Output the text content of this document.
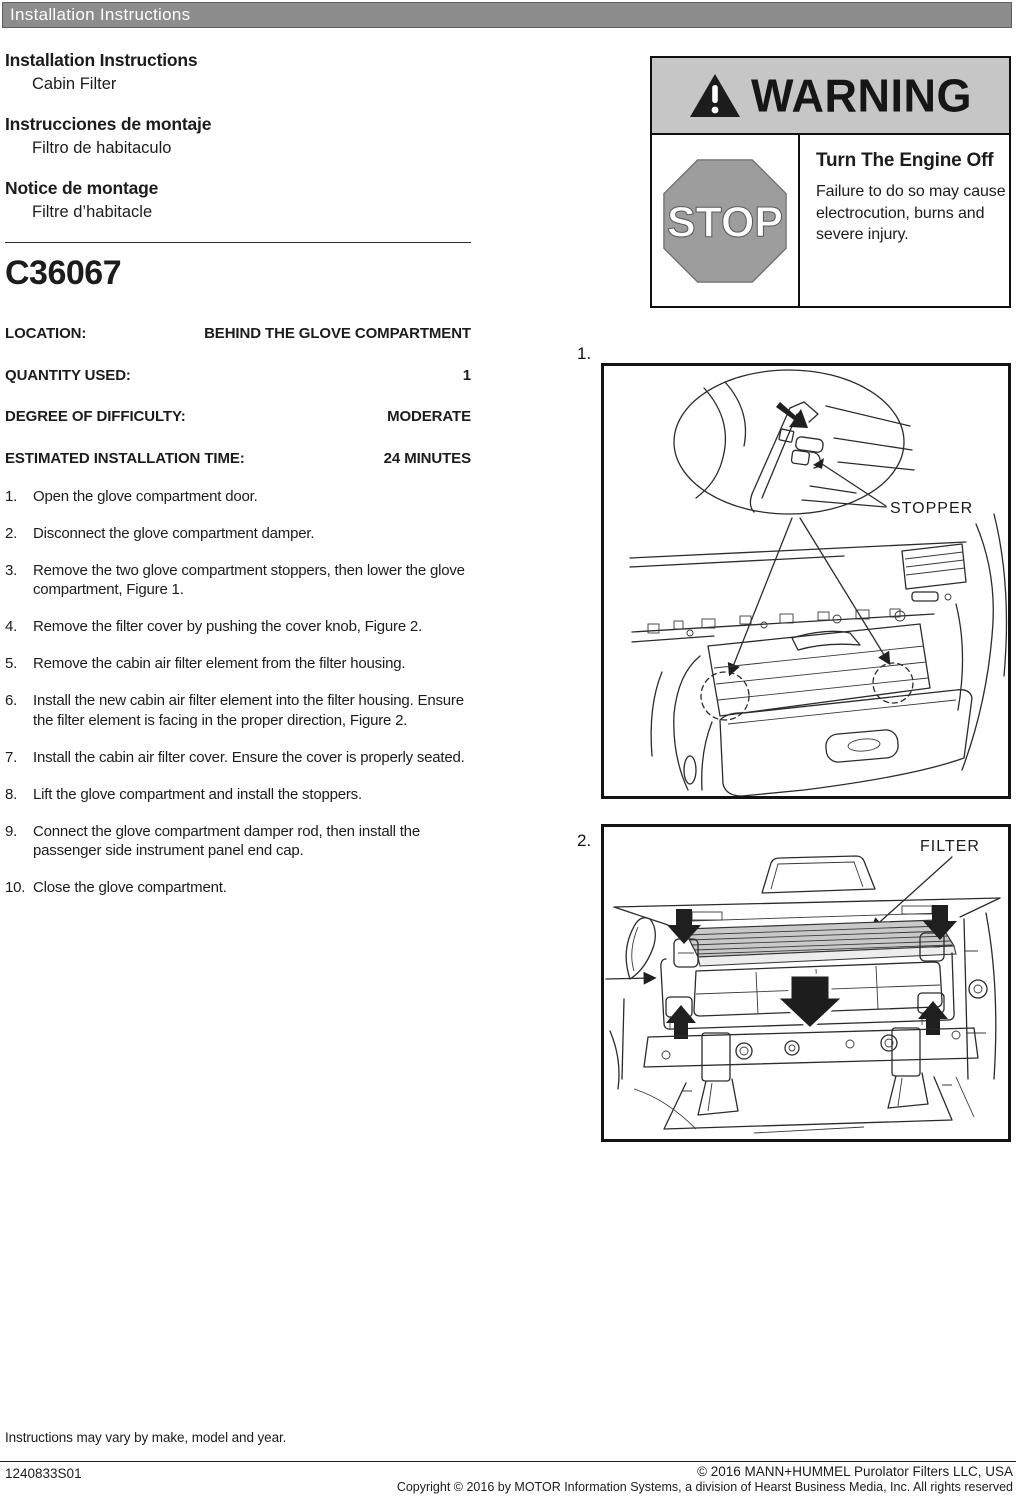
Installation Instructions
Installation Instructions
Cabin Filter
Instrucciones de montaje
Filtro de habitaculo
Notice de montage
Filtre d’habitacle
C36067
LOCATION:	BEHIND THE GLOVE COMPARTMENT
QUANTITY USED:	1
DEGREE OF DIFFICULTY:	MODERATE
ESTIMATED INSTALLATION TIME:	24 MINUTES
1.	Open the glove compartment door.
2.	Disconnect the glove compartment damper.
3.	Remove the two glove compartment stoppers, then lower the glove compartment, Figure 1.
4.	Remove the filter cover by pushing the cover knob, Figure 2.
5.	Remove the cabin air filter element from the filter housing.
6.	Install the new cabin air filter element into the filter housing. Ensure the filter element is facing in the proper direction, Figure 2.
7.	Install the cabin air filter cover. Ensure the cover is properly seated.
8.	Lift the glove compartment and install the stoppers.
9.	Connect the glove compartment damper rod, then install the passenger side instrument panel end cap.
10. Close the glove compartment.
WARNING
STOP
Turn The Engine Off
Failure to do so may cause electrocution, burns and severe injury.
1.
STOPPER
2.	FILTER
Instructions may vary by make, model and year.
1240833S01	© 2016 MANN+HUMMEL Purolator Filters LLC, USA
Copyright © 2016 by MOTOR Information Systems, a division of Hearst Business Media, Inc. All rights reserved
